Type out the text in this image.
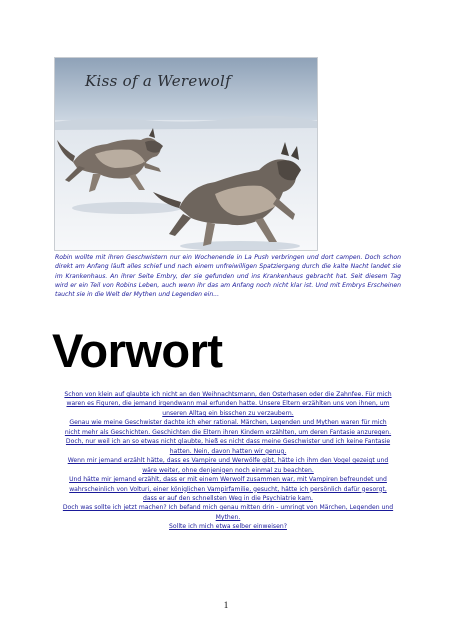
Kiss of a Werewolf

Robin wollte mit ihren Geschwistern nur ein Wochenende in La Push verbringen und dort campen. Doch schon direkt am Anfang läuft alles schief und nach einem unfreiwilligen Spatziergang durch die kalte Nacht landet sie im Krankenhaus. An ihrer Seite Embry, der sie gefunden und ins Krankenhaus gebracht hat. Seit diesem Tag wird er ein Teil von Robins Leben, auch wenn ihr das am Anfang noch nicht klar ist. Und mit Embrys Erscheinen taucht sie in die Welt der Mythen und Legenden ein...

Vorwort
Schon von klein auf glaubte ich nicht an den Weihnachtsmann, den Osterhasen oder die Zahnfee. Für mich
waren es Figuren, die jemand irgendwann mal erfunden hatte. Unsere Eltern erzählten uns von ihnen, um
unseren Alltag ein bisschen zu verzaubern.
Genau wie meine Geschwister dachte ich eher rational. Märchen, Legenden und Mythen waren für mich
nicht mehr als Geschichten. Geschichten die Eltern ihren Kindern erzählten, um deren Fantasie anzuregen.
Doch, nur weil ich an so etwas nicht glaubte, hieß es nicht dass meine Geschwister und ich keine Fantasie
hatten. Nein, davon hatten wir genug.
Wenn mir jemand erzählt hätte, dass es Vampire und Werwölfe gibt, hätte ich ihm den Vogel gezeigt und
wäre weiter, ohne denjenigen noch einmal zu beachten.
Und hätte mir jemand erzählt, dass er mit einem Werwolf zusammen war, mit Vampiren befreundet und
wahrscheinlich von Volturi, einer königlichen Vampirfamilie, gesucht, hätte ich persönlich dafür gesorgt,
dass er auf den schnellsten Weg in die Psychiatrie kam.
Doch was sollte ich jetzt machen? Ich befand mich genau mitten drin - umringt von Märchen, Legenden und
Mythen.
Sollte ich mich etwa selber einweisen?
1
